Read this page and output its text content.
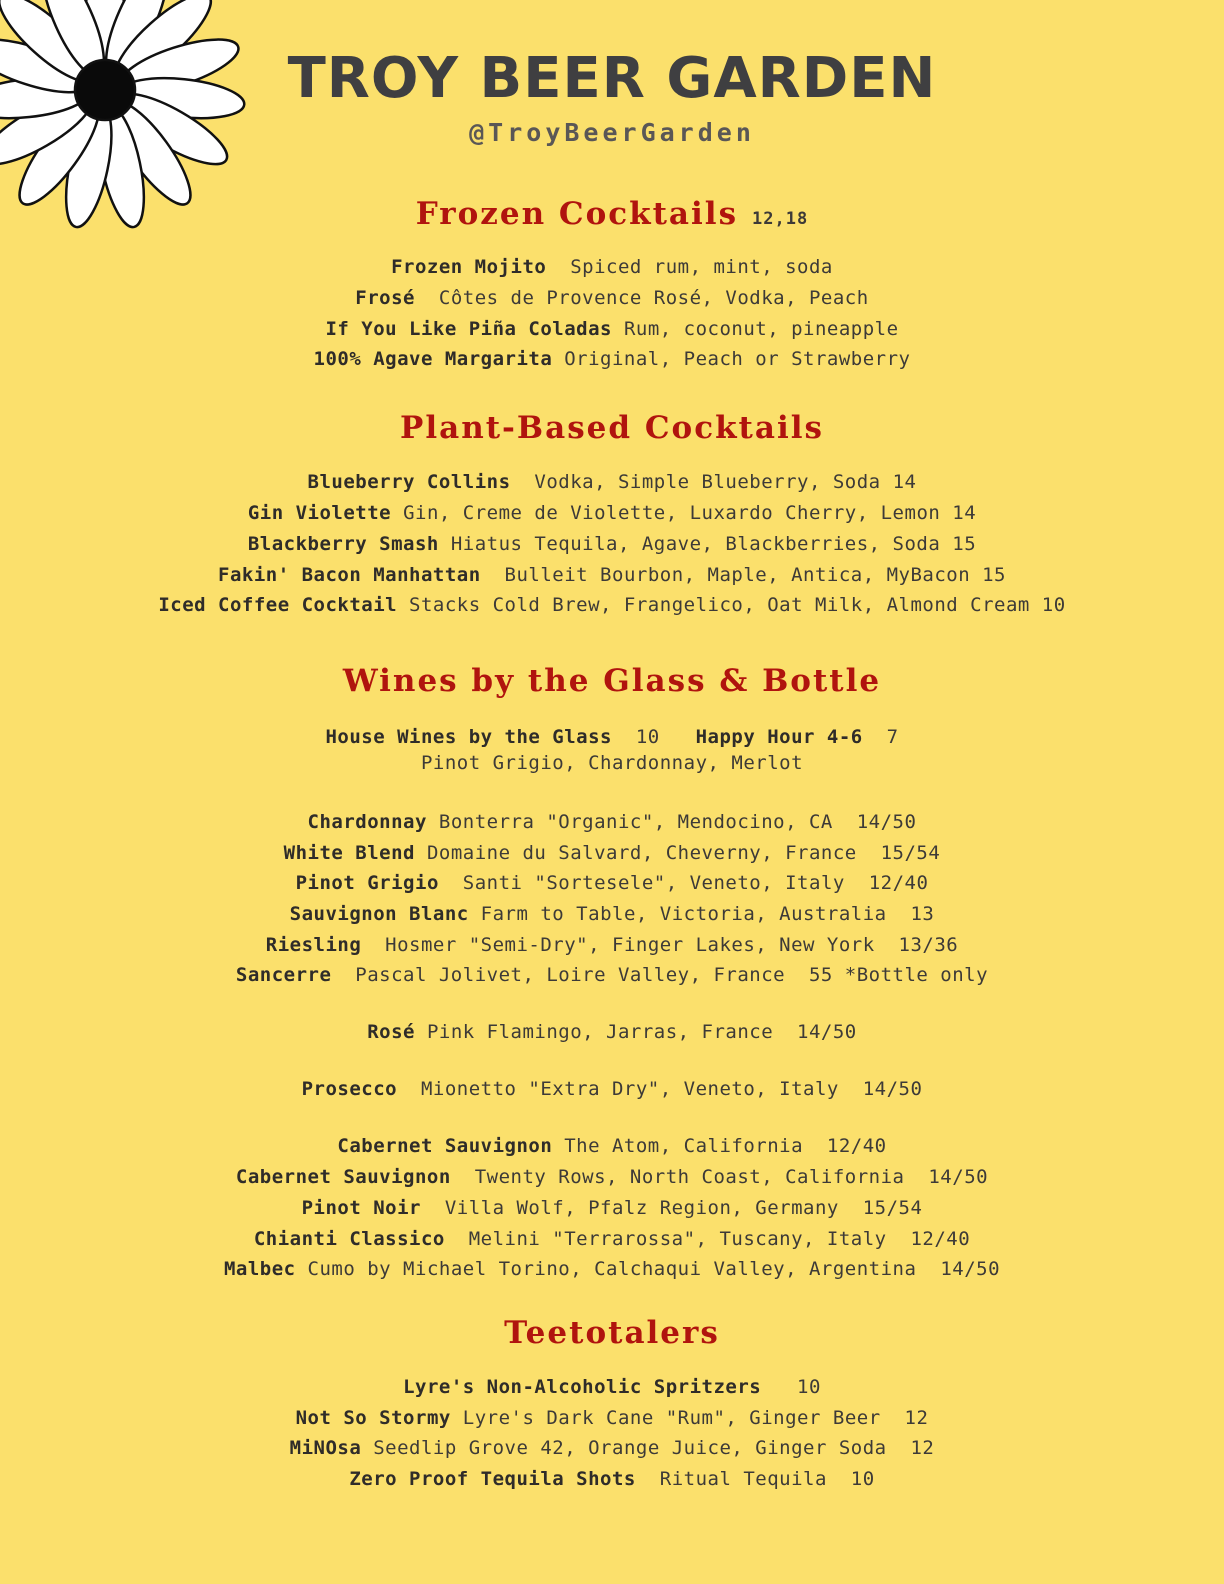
TROY BEER GARDEN
@TroyBeerGarden
Frozen Cocktails 12,18
Frozen Mojito  Spiced rum, mint, soda
Frosé  Côtes de Provence Rosé, Vodka, Peach
If You Like Piña Coladas Rum, coconut, pineapple
100% Agave Margarita Original, Peach or Strawberry
Plant-Based Cocktails
Blueberry Collins  Vodka, Simple Blueberry, Soda 14
Gin Violette Gin, Creme de Violette, Luxardo Cherry, Lemon 14
Blackberry Smash Hiatus Tequila, Agave, Blackberries, Soda 15
Fakin' Bacon Manhattan  Bulleit Bourbon, Maple, Antica, MyBacon 15
Iced Coffee Cocktail Stacks Cold Brew, Frangelico, Oat Milk, Almond Cream 10
Wines by the Glass & Bottle
House Wines by the Glass  10   Happy Hour 4-6  7
Pinot Grigio, Chardonnay, Merlot
Chardonnay Bonterra "Organic", Mendocino, CA  14/50
White Blend Domaine du Salvard, Cheverny, France  15/54
Pinot Grigio  Santi "Sortesele", Veneto, Italy  12/40
Sauvignon Blanc Farm to Table, Victoria, Australia  13
Riesling  Hosmer "Semi-Dry", Finger Lakes, New York  13/36
Sancerre  Pascal Jolivet, Loire Valley, France  55 *Bottle only
Rosé Pink Flamingo, Jarras, France  14/50
Prosecco  Mionetto "Extra Dry", Veneto, Italy  14/50
Cabernet Sauvignon The Atom, California  12/40
Cabernet Sauvignon  Twenty Rows, North Coast, California  14/50
Pinot Noir  Villa Wolf, Pfalz Region, Germany  15/54
Chianti Classico  Melini "Terrarossa", Tuscany, Italy  12/40
Malbec Cumo by Michael Torino, Calchaqui Valley, Argentina  14/50
Teetotalers
Lyre's Non-Alcoholic Spritzers   10
Not So Stormy Lyre's Dark Cane "Rum", Ginger Beer  12
MiNOsa Seedlip Grove 42, Orange Juice, Ginger Soda  12
Zero Proof Tequila Shots  Ritual Tequila  10
